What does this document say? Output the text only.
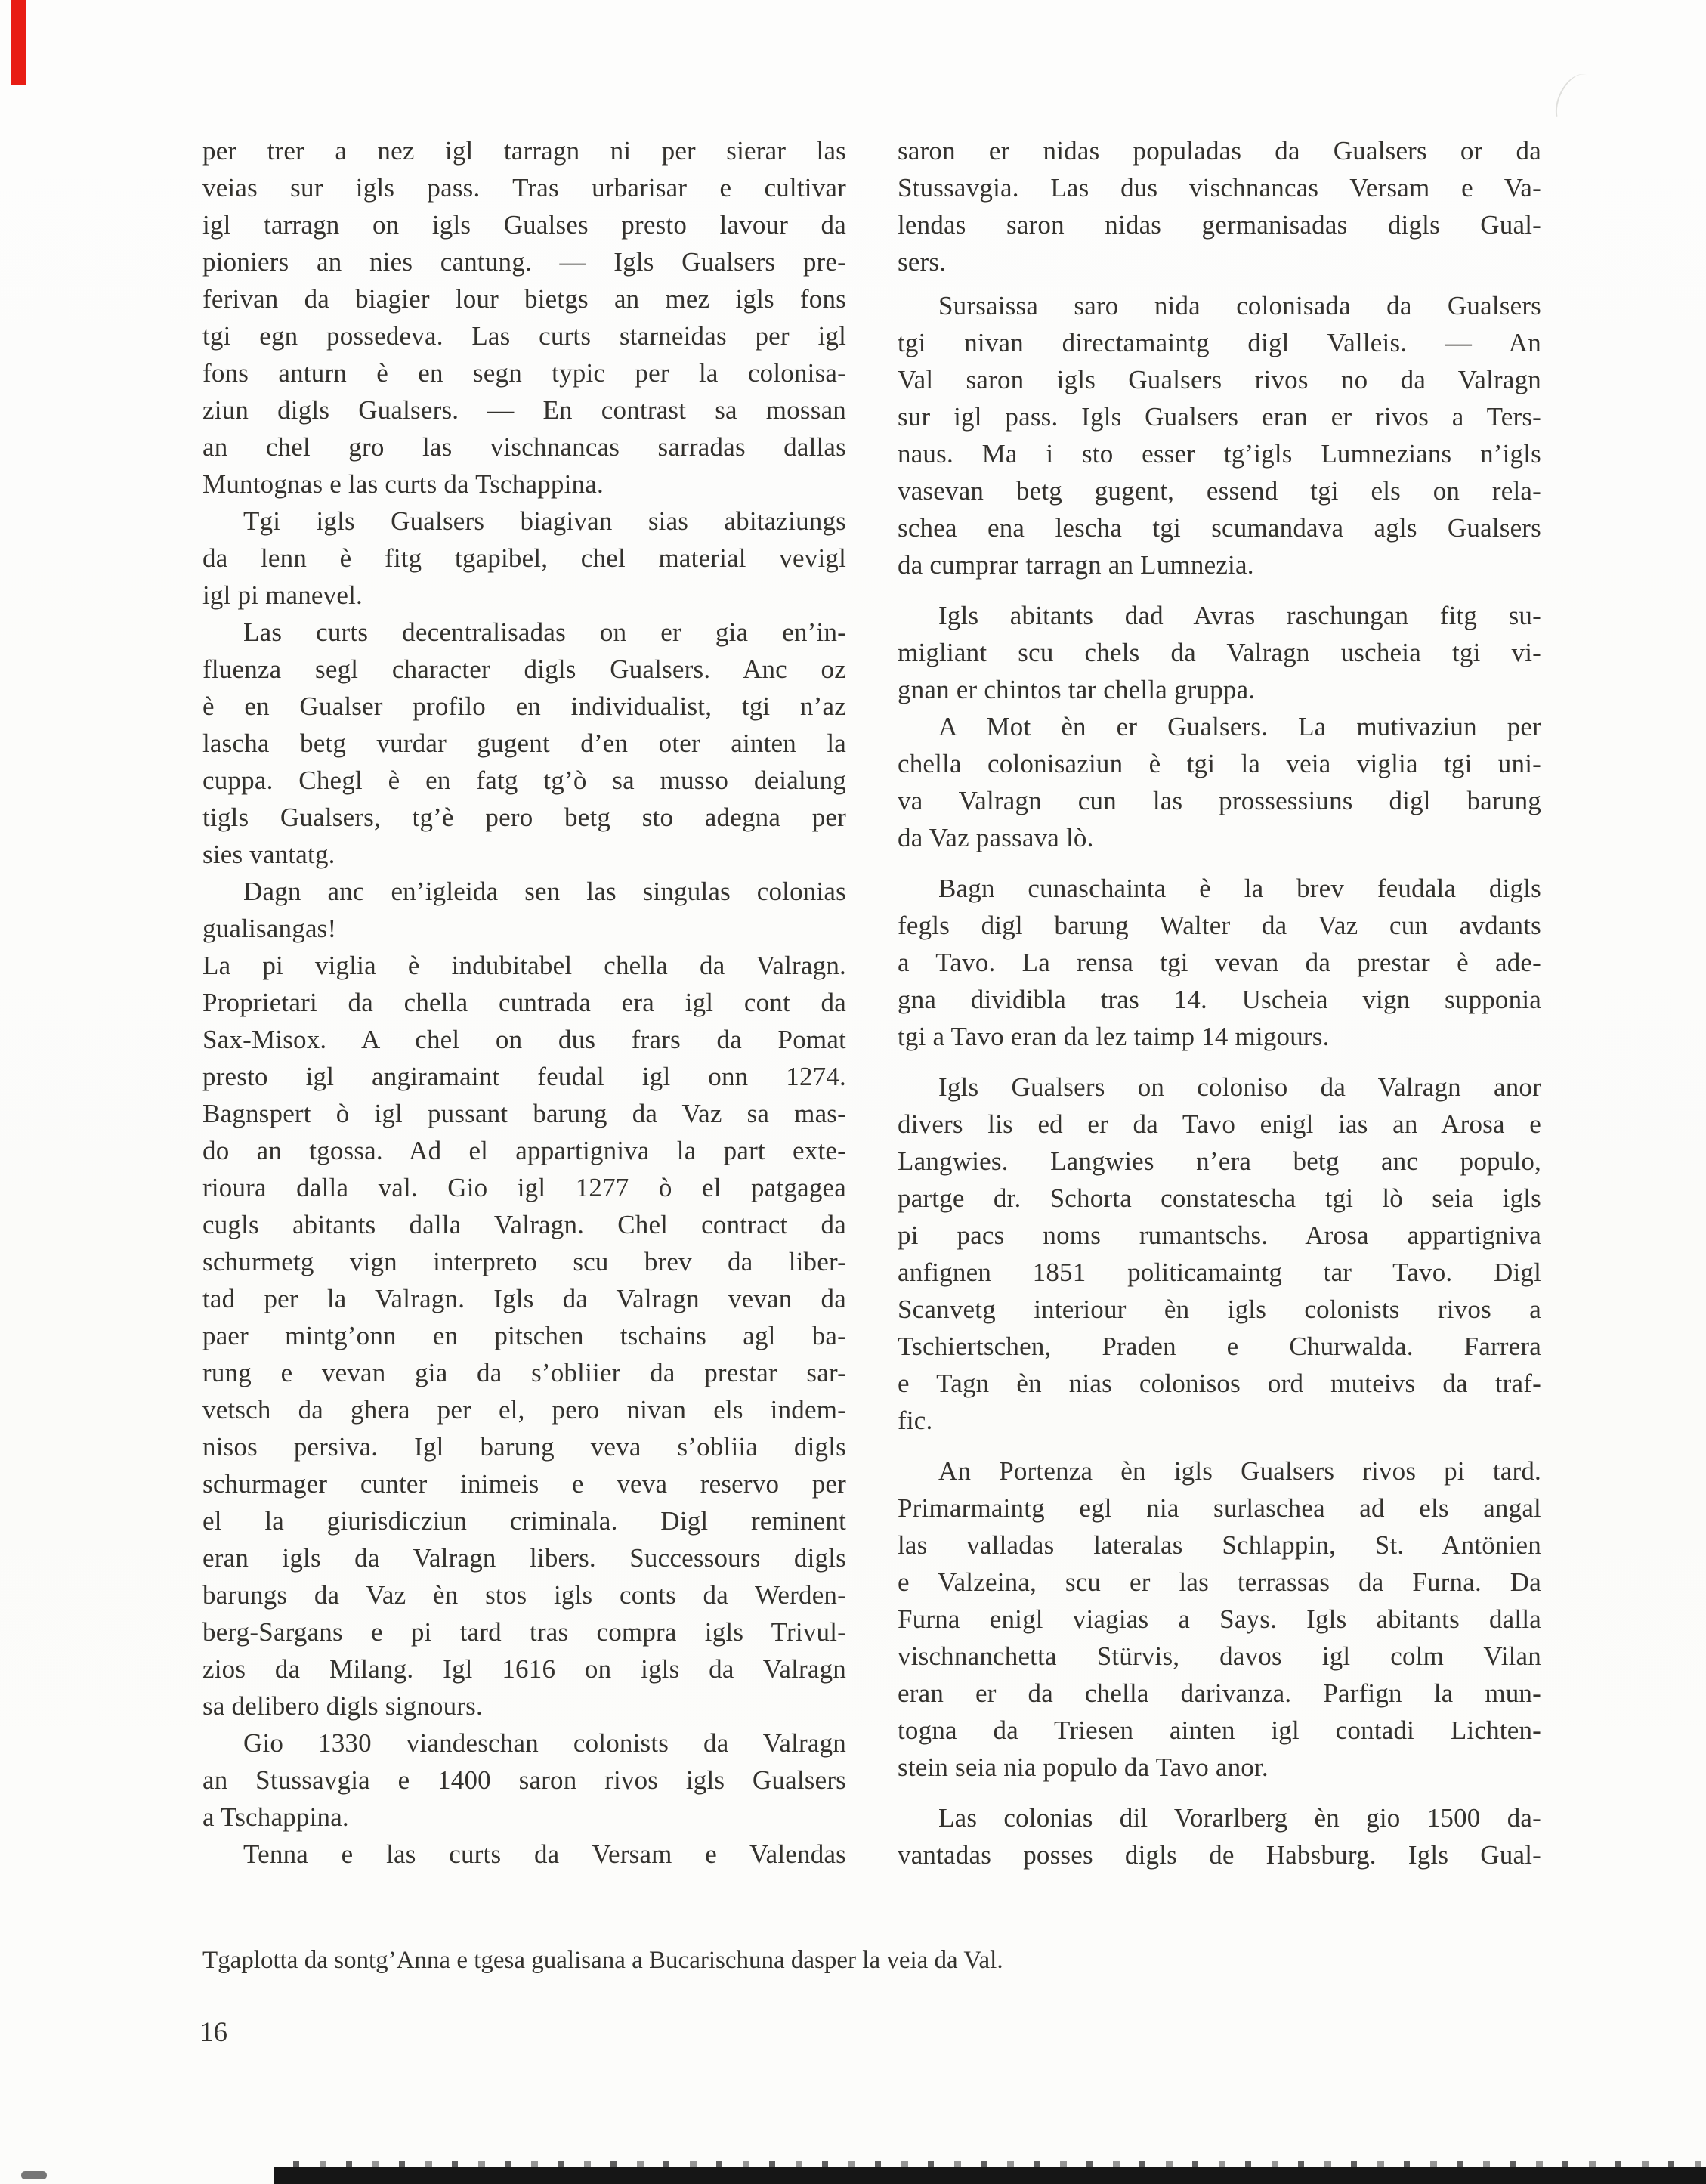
per trer a nez igl tarragn ni per sierar las
veias sur igls pass. Tras urbarisar e cultivar
igl tarragn on igls Gualses presto lavour da
pioniers an nies cantung. — Igls Gualsers pre-
ferivan da biagier lour bietgs an mez igls fons
tgi egn possedeva. Las curts starneidas per igl
fons anturn è en segn typic per la colonisa-
ziun digls Gualsers. — En contrast sa mossan
an chel gro las vischnancas sarradas dallas
Muntognas e las curts da Tschappina.
Tgi igls Gualsers biagivan sias abitaziungs
da lenn è fitg tgapibel, chel material vevigl
igl pi manevel.
Las curts decentralisadas on er gia en’in-
fluenza segl character digls Gualsers. Anc oz
è en Gualser profilo en individualist, tgi n’az
lascha betg vurdar gugent d’en oter ainten la
cuppa. Chegl è en fatg tg’ò sa musso deialung
tigls Gualsers, tg’è pero betg sto adegna per
sies vantatg.
Dagn anc en’igleida sen las singulas colonias
gualisangas!
La pi viglia è indubitabel chella da Valragn.
Proprietari da chella cuntrada era igl cont da
Sax-Misox. A chel on dus frars da Pomat
presto igl angiramaint feudal igl onn 1274.
Bagnspert ò igl pussant barung da Vaz sa mas-
do an tgossa. Ad el appartigniva la part exte-
rioura dalla val. Gio igl 1277 ò el patgagea
cugls abitants dalla Valragn. Chel contract da
schurmetg vign interpreto scu brev da liber-
tad per la Valragn. Igls da Valragn vevan da
paer mintg’onn en pitschen tschains agl ba-
rung e vevan gia da s’obliier da prestar sar-
vetsch da ghera per el, pero nivan els indem-
nisos persiva. Igl barung veva s’obliia digls
schurmager cunter inimeis e veva reservo per
el la giurisdicziun criminala. Digl reminent
eran igls da Valragn libers. Successours digls
barungs da Vaz èn stos igls conts da Werden-
berg-Sargans e pi tard tras compra igls Trivul-
zios da Milang. Igl 1616 on igls da Valragn
sa delibero digls signours.
Gio 1330 viandeschan colonists da Valragn
an Stussavgia e 1400 saron rivos igls Gualsers
a Tschappina.
Tenna e las curts da Versam e Valendas
saron er nidas populadas da Gualsers or da
Stussavgia. Las dus vischnancas Versam e Va-
lendas saron nidas germanisadas digls Gual-
sers.
Sursaissa saro nida colonisada da Gualsers
tgi nivan directamaintg digl Valleis. — An
Val saron igls Gualsers rivos no da Valragn
sur igl pass. Igls Gualsers eran er rivos a Ters-
naus. Ma i sto esser tg’igls Lumnezians n’igls
vasevan betg gugent, essend tgi els on rela-
schea ena lescha tgi scumandava agls Gualsers
da cumprar tarragn an Lumnezia.
Igls abitants dad Avras raschungan fitg su-
migliant scu chels da Valragn uscheia tgi vi-
gnan er chintos tar chella gruppa.
A Mot èn er Gualsers. La mutivaziun per
chella colonisaziun è tgi la veia viglia tgi uni-
va Valragn cun las prossessiuns digl barung
da Vaz passava lò.
Bagn cunaschainta è la brev feudala digls
fegls digl barung Walter da Vaz cun avdants
a Tavo. La rensa tgi vevan da prestar è ade-
gna dividibla tras 14. Uscheia vign supponia
tgi a Tavo eran da lez taimp 14 migours.
Igls Gualsers on coloniso da Valragn anor
divers lis ed er da Tavo enigl ias an Arosa e
Langwies. Langwies n’era betg anc populo,
partge dr. Schorta constatescha tgi lò seia igls
pi pacs noms rumantschs. Arosa appartigniva
anfignen 1851 politicamaintg tar Tavo. Digl
Scanvetg interiour èn igls colonists rivos a
Tschiertschen, Praden e Churwalda. Farrera
e Tagn èn nias colonisos ord muteivs da traf-
fic.
An Portenza èn igls Gualsers rivos pi tard.
Primarmaintg egl nia surlaschea ad els angal
las valladas lateralas Schlappin, St. Antönien
e Valzeina, scu er las terrassas da Furna. Da
Furna enigl viagias a Says. Igls abitants dalla
vischnanchetta Stürvis, davos igl colm Vilan
eran er da chella darivanza. Parfign la mun-
togna da Triesen ainten igl contadi Lichten-
stein seia nia populo da Tavo anor.
Las colonias dil Vorarlberg èn gio 1500 da-
vantadas posses digls de Habsburg. Igls Gual-
Tgaplotta da sontg’Anna e tgesa gualisana a Bucarischuna dasper la veia da Val.
16
